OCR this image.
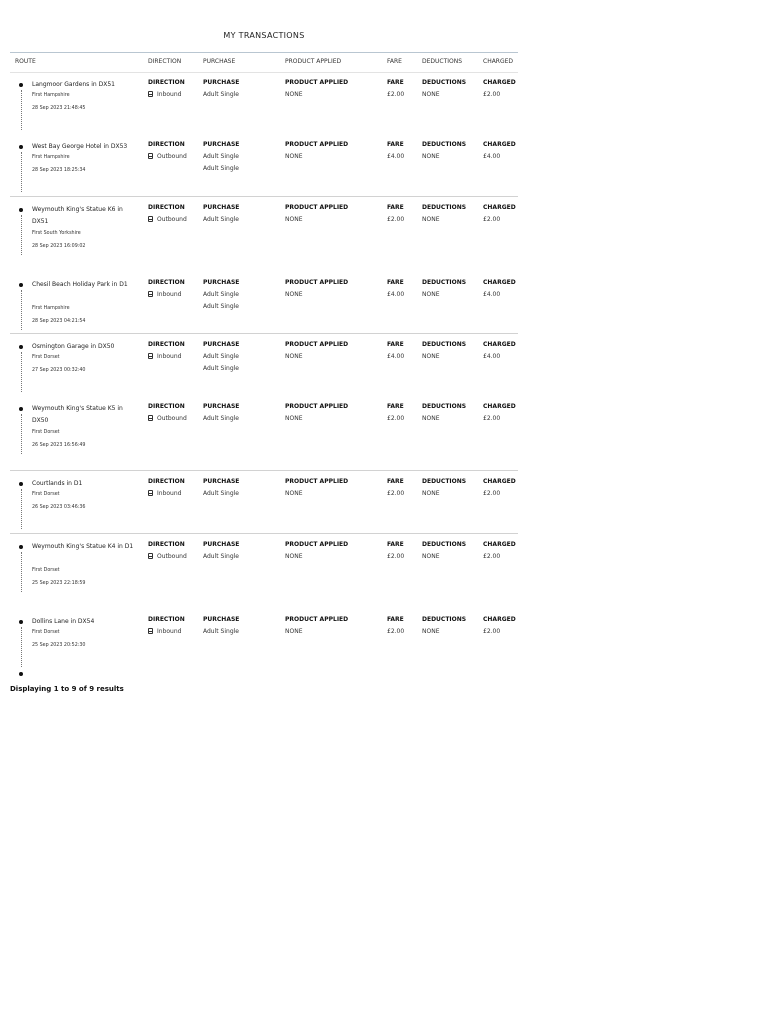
MY TRANSACTIONS
ROUTE	DIRECTION	PURCHASE	PRODUCT APPLIED	FARE	DEDUCTIONS	CHARGED
Langmoor Gardens in DX51
First Hampshire
28 Sep 2023 21:48:45
DIRECTION
Inbound
PURCHASE
Adult Single
PRODUCT APPLIED
NONE
FARE
£2.00
DEDUCTIONS
NONE
CHARGED
£2.00
West Bay George Hotel in DX53
First Hampshire
28 Sep 2023 18:25:34
DIRECTION
Outbound
PURCHASE
Adult Single
Adult Single
PRODUCT APPLIED
NONE
FARE
£4.00
DEDUCTIONS
NONE
CHARGED
£4.00
Weymouth King's Statue K6 in DX51
First South Yorkshire
28 Sep 2023 16:09:02
DIRECTION
Outbound
PURCHASE
Adult Single
PRODUCT APPLIED
NONE
FARE
£2.00
DEDUCTIONS
NONE
CHARGED
£2.00
Chesil Beach Holiday Park in D1
First Hampshire
28 Sep 2023 04:21:54
DIRECTION
Inbound
PURCHASE
Adult Single
Adult Single
PRODUCT APPLIED
NONE
FARE
£4.00
DEDUCTIONS
NONE
CHARGED
£4.00
Osmington Garage in DX50
First Dorset
27 Sep 2023 00:32:40
DIRECTION
Inbound
PURCHASE
Adult Single
Adult Single
PRODUCT APPLIED
NONE
FARE
£4.00
DEDUCTIONS
NONE
CHARGED
£4.00
Weymouth King's Statue K5 in DX50
First Dorset
26 Sep 2023 16:56:49
DIRECTION
Outbound
PURCHASE
Adult Single
PRODUCT APPLIED
NONE
FARE
£2.00
DEDUCTIONS
NONE
CHARGED
£2.00
Courtlands in D1
First Dorset
26 Sep 2023 03:46:36
DIRECTION
Inbound
PURCHASE
Adult Single
PRODUCT APPLIED
NONE
FARE
£2.00
DEDUCTIONS
NONE
CHARGED
£2.00
Weymouth King's Statue K4 in D1
First Dorset
25 Sep 2023 22:18:59
DIRECTION
Outbound
PURCHASE
Adult Single
PRODUCT APPLIED
NONE
FARE
£2.00
DEDUCTIONS
NONE
CHARGED
£2.00
Dollins Lane in DX54
First Dorset
25 Sep 2023 20:52:30
DIRECTION
Inbound
PURCHASE
Adult Single
PRODUCT APPLIED
NONE
FARE
£2.00
DEDUCTIONS
NONE
CHARGED
£2.00
Displaying 1 to 9 of 9 results
